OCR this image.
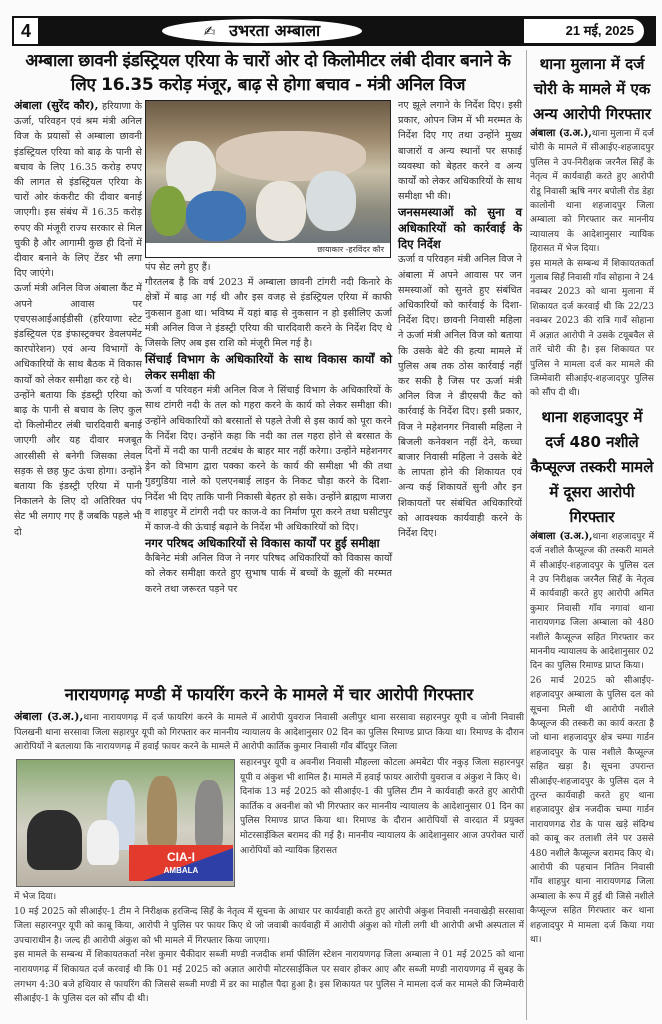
4	✍ उभरता अम्बाला	21 मई, 2025
अम्बाला छावनी इंडस्ट्रियल एरिया के चारों ओर दो किलोमीटर लंबी दीवार बनाने के लिए 16.35 करोड़ मंजूर, बाढ़ से होगा बचाव - मंत्री अनिल विज

अंबाला (सुरेंद कौर), हरियाणा के ऊर्जा, परिवहन एवं श्रम मंत्री अनिल विज के प्रयासों से अम्बाला छावनी इंडस्ट्रियल एरिया को बाढ़ के पानी से बचाव के लिए 16.35 करोड़ रुपए की लागत से इंडस्ट्रियल एरिया के चारों ओर कंकरीट की दीवार बनाई जाएगी। इस संबंध में 16.35 करोड़ रुपए की मंजूरी राज्य सरकार से मिल चुकी है और आगामी कुछ ही दिनों में दीवार बनाने के लिए टेंडर भी लगा दिए जाएंगे।

ऊर्जा मंत्री अनिल विज अंबाला कैंट में अपने आवास पर एचएसआईआईडीसी (हरियाणा स्टेट इंडस्ट्रियल एंड इंफास्ट्रक्चर डेवलपमेंट कारपोरेशन) एवं अन्य विभागों के अधिकारियों के साथ बैठक में विकास कार्यों को लेकर समीक्षा कर रहे थे।

उन्होंने बताया कि इंडस्ट्री एरिया को बाढ़ के पानी से बचाव के लिए कुल दो किलोमीटर लंबी चारदिवारी बनाई जाएगी और यह दीवार मजबूत आरसीसी से बनेगी जिसका लेवल सड़क से छह फुट ऊंचा होगा। उन्होंने बताया कि इंडस्ट्री एरिया में पानी निकालने के लिए दो अतिरिक्त पंप सेट भी लगाए गए हैं जबकि पहले भी दो

छायाकार -हरविंदर कौर

पंप सेट लगे हुए हैं।

गौरतलब है कि वर्ष 2023 में अम्बाला छावनी टांगरी नदी किनारे के क्षेत्रों में बाढ़ आ गई थी और इस वजह से इंडस्ट्रियल एरिया में काफी नुकसान हुआ था। भविष्य में यहां बाढ़ से नुकसान न हो इसीलिए ऊर्जा मंत्री अनिल विज ने इंडस्ट्री एरिया की चारदिवारी करने के निर्देश दिए थे जिसके लिए अब इस राशि को मंजूरी मिल गई है।

सिंचाई विभाग के अधिकारियों के साथ विकास कार्यों को लेकर समीक्षा की

ऊर्जा व परिवहन मंत्री अनिल विज ने सिंचाई विभाग के अधिकारियों के साथ टांगरी नदी के तल को गहरा करने के कार्य को लेकर समीक्षा की। उन्होंने अधिकारियों को बरसातों से पहले तेजी से इस कार्य को पूरा करने के निर्देश दिए। उन्होंने कहा कि नदी का तल गहरा होने से बरसात के दिनों में नदी का पानी तटबंध के बाहर मार नहीं करेगा। उन्होंने महेशनगर ड्रेन को विभाग द्वारा पक्का करने के कार्य की समीक्षा भी की तथा गुडगुडिया नाले को एलएनबाई लाइन के निकट चौड़ा करने के दिशा-निर्देश भी दिए ताकि पानी निकासी बेहतर हो सके। उन्होंने ब्राह्मण माजरा व शाहपुर में टांगरी नदी पर काज-वे का निर्माण पूरा करने तथा घसीटपुर में काज-वे की ऊंचाई बढ़ाने के निर्देश भी अधिकारियों को दिए।

नगर परिषद अधिकारियों से विकास कार्यों पर हुई समीक्षा

कैबिनेट मंत्री अनिल विज ने नगर परिषद अधिकारियों को विकास कार्यों को लेकर समीक्षा करते हुए सुभाष पार्क में बच्चों के झूलों की मरम्मत करने तथा जरूरत पड़ने पर

नए झूले लगाने के निर्देश दिए। इसी प्रकार, ओपन जिम में भी मरम्मत के निर्देश दिए गए तथा उन्होंने मुख्य बाजारों व अन्य स्थानों पर सफाई व्यवस्था को बेहतर करने व अन्य कार्यों को लेकर अधिकारियों के साथ समीक्षा भी की।

जनसमस्याओं को सुना व अधिकारियों को कार्रवाई के दिए निर्देश

ऊर्जा व परिवहन मंत्री अनिल विज ने अंबाला में अपने आवास पर जन समस्याओं को सुनते हुए संबंधित अधिकारियों को कार्रवाई के दिशा-निर्देश दिए। छावनी निवासी महिला ने ऊर्जा मंत्री अनिल विज को बताया कि उसके बेटे की हत्या मामले में पुलिस अब तक ठोस कार्रवाई नहीं कर सकी है जिस पर ऊर्जा मंत्री अनिल विज ने डीएसपी कैंट को कार्रवाई के निर्देश दिए। इसी प्रकार, विज ने महेशनगर निवासी महिला ने बिजली कनेक्शन नहीं देने, कच्चा बाजार निवासी महिला ने उसके बेटे के लापता होने की शिकायत एवं अन्य कई शिकायतें सुनी और इन शिकायतों पर संबंधित अधिकारियों को आवश्यक कार्यवाही करने के निर्देश दिए।

थाना मुलाना में दर्ज चोरी के मामले में एक अन्य आरोपी गिरफ्तार

अंबाला (उ.अ.),थाना मुलाना में दर्ज चोरी के मामले में सीआईए-शहजादपुर पुलिस ने उप-निरीक्षक जरनैल सिहँ के नेतृत्व में कार्यवाही करते हुए आरोपी रोडू निवासी ऋषि नगर बपोली रोड डेहा कालोनी थाना शहजादपुर जिला अम्बाला को गिरफ्तार कर माननीय न्यायालय के आदेशानुसार न्यायिक हिरासत में भेज दिया।

इस मामले के सम्बन्ध में शिकायतकर्ता गुलाब सिहँ निवासी गाँव सोहाना ने 24 नवम्बर 2023 को थाना मुलाना में शिकायत दर्ज करवाई थी कि 22/23 नवम्बर 2023 की रात्रि गावँ सोहाना में अज्ञात आरोपी ने उसके टयूबवैल से तारें चोरी की है। इस शिकायत पर पुलिस ने मामला दर्ज कर मामले की जिम्मेवारी सीआईए-शहजादपुर पुलिस को सौंप दी थी।

थाना शहजादपुर में दर्ज 480 नशीले कैप्सूल्ज तस्करी मामले में दूसरा आरोपी गिरफ्तार

अंबाला (उ.अ.),थाना शहजादपुर में दर्ज नशीले कैप्सूल्ज की तस्करी मामले में सीआईए-शहजादपुर के पुलिस दल ने उप निरीक्षक जरनैल सिहँ के नेतृत्व में कार्यवाही करते हुए आरोपी अमित कुमार निवासी गाँव नगावां थाना नारायणगढ जिला अम्बाला को 480 नशीले कैप्सूल्ज सहित गिरफ्तार कर माननीय न्यायालय के आदेशानुसार 02 दिन का पुलिस रिमाण्ड प्राप्त किया।

26 मार्च 2025 को सीआईए-शहजादपुर अम्बाला के पुलिस दल को सूचना मिली थी आरोपी नशीले कैप्सूल्ज की तस्करी का कार्य करता है जो थाना शहजादपुर क्षेत्र चम्पा गार्डन शहजादपुर के पास नशीले कैप्सूल्ज सहित खड़ा है। सूचना उपरान्त सीआईए-शहजादपुर के पुलिस दल ने तुरन्त कार्यवाही करते हुए थाना शहजादपुर क्षेत्र नजदीक चम्पा गार्डन नारायणगढ रोड के पास खड़े संदिग्ध को काबू कर तलाशी लेने पर उससे 480 नशीले कैप्सूल्ज बरामद किए थे। आरोपी की पहचान नितिन निवासी गाँव शाहपुर थाना नारायणगढ जिला अम्बाला के रूप में हुई थी जिसे नशीले कैप्सूल्ज सहित गिरफ्तार कर थाना शहजादपुर मे मामला दर्ज किया गया था।

नारायणगढ़ मण्डी में फायरिंग करने के मामले में चार आरोपी गिरफ्तार

अंबाला (उ.अ.),थाना नारायणगढ़ में दर्ज फायरिगं करने के मामले में आरोपी युवराज निवासी अलीपुर थाना सरसावा सहारनपुर यूपी व जोनी निवासी पिलखनी थाना सरसावा जिला सहारपुर यूपी को गिरफ्तार कर माननीय न्यायालय के आदेशानुसार 02 दिन का पुलिस रिमाण्ड प्राप्त किया था। रिमाण्ड के दौरान आरोपियों ने बतलाया कि नारायणगढ़ में हवाई फायर करने के मामले में आरोपी कार्तिक कुमार निवासी गाँव बीँदपुर जिला

CIA-I
AMBALA

सहारनपुर यूपी व अवनीश निवासी मौहल्ला कोटला अमबेटा पीर नकुड़ जिला सहारनपुर यूपी व अंकुश भी शामिल है। मामले में हवाई फायर आरोपी युवराज व अंकुश ने किए थे।

दिनांक 13 मई 2025 को सीआईए-1 की पुलिस टीम ने कार्यवाही करते हुए आरोपी कार्तिक व अवनीश को भी गिरफ्तार कर माननीय न्यायालय के आदेशानुसार 01 दिन का पुलिस रिमाण्ड प्राप्त किया था। रिमाण्ड के दौरान आरोपियों से वारदात में प्रयुक्त मोटरसाईकिल बरामद की गई है। माननीय न्यायालय के आदेशानुसार आज उपरोक्त चारों आरोपियों को न्यायिक हिरासत

में भेज दिया।

10 मई 2025 को सीआईए-1 टीम ने निरीक्षक हरजिन्द सिहँ के नेतृत्व में सूचना के आधार पर कार्यवाही करते हुए आरोपी अंकुश निवासी ननवाखेड़ी सरसावा जिला सहारनपुर यूपी को काबू किया, आरोपी ने पुलिस पर फायर किए थे जो जवाबी कार्यवाही में आरोपी अंकुश को गोली लगी थी आरोपी अभी अस्पताल में उपचाराधीन है। जल्द ही आरोपी अंकुश को भी मामले में गिरफ्तार किया जाएगा।

इस मामले के सम्बन्ध में शिकायतकर्ता नरेश कुमार चैकीदार सब्जी मण्डी नजदीक शर्मा फीलिंग स्टेशन नारायणगढ़ जिला अम्बाला ने 01 मई 2025 को थाना नारायणगढ़ में शिकायत दर्ज करवाई थी कि 01 मई 2025 को अज्ञात आरोपी मोटरसाईकिल पर सवार होकर आए और सब्जी मण्डी नारायणगढ़ में सुबह के लगभग 4:30 बजे हथियार से फायरिंग की जिससे सब्जी मण्डी में डर का माहौल पैदा हुआ है। इस शिकायत पर पुलिस ने मामला दर्ज कर मामले की जिम्मेवारी सीआईए-1 के पुलिस दल को सौंप दी थी।
